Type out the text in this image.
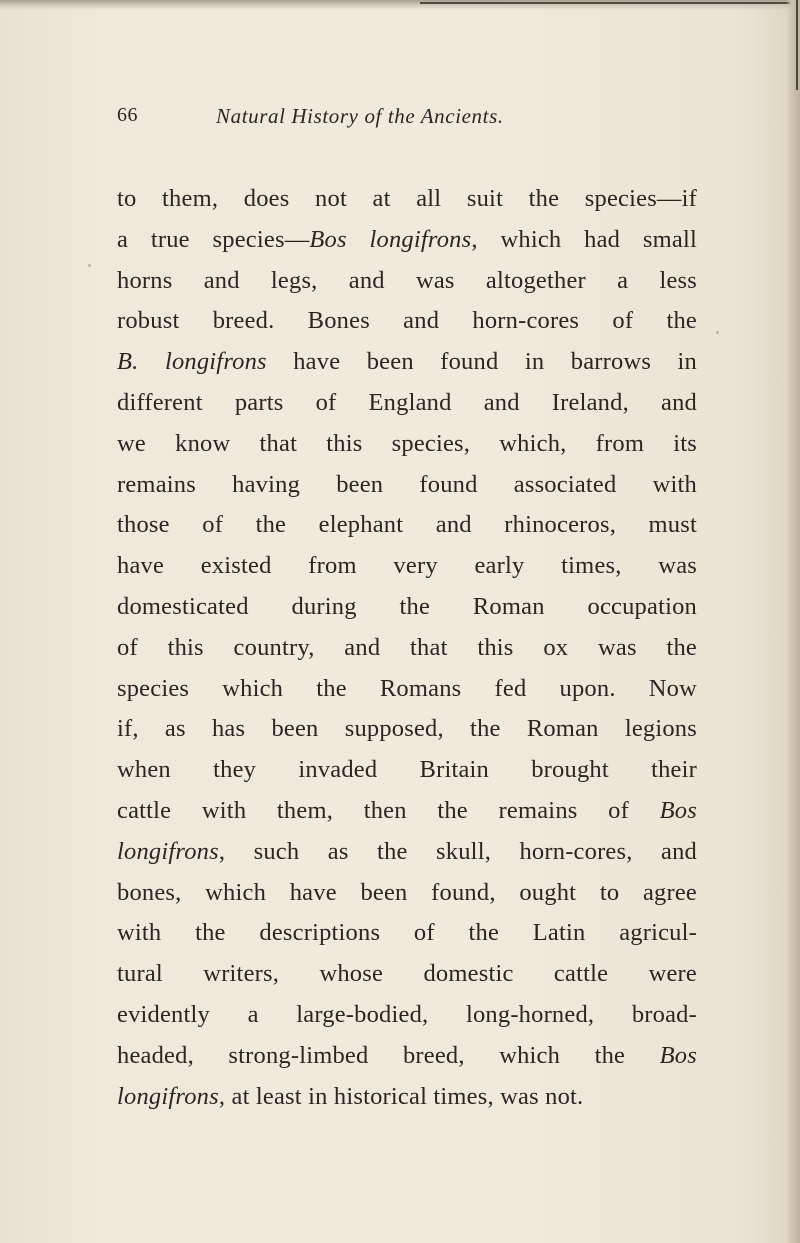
66	Natural History of the Ancients.
to them, does not at all suit the species—if
a true species—Bos longifrons, which had small
horns and legs, and was altogether a less
robust breed. Bones and horn-cores of the
B. longifrons have been found in barrows in
different parts of England and Ireland, and
we know that this species, which, from its
remains having been found associated with
those of the elephant and rhinoceros, must
have existed from very early times, was
domesticated during the Roman occupation
of this country, and that this ox was the
species which the Romans fed upon. Now
if, as has been supposed, the Roman legions
when they invaded Britain brought their
cattle with them, then the remains of Bos
longifrons, such as the skull, horn-cores, and
bones, which have been found, ought to agree
with the descriptions of the Latin agricul-
tural writers, whose domestic cattle were
evidently a large-bodied, long-horned, broad-
headed, strong-limbed breed, which the Bos
longifrons, at least in historical times, was not.
